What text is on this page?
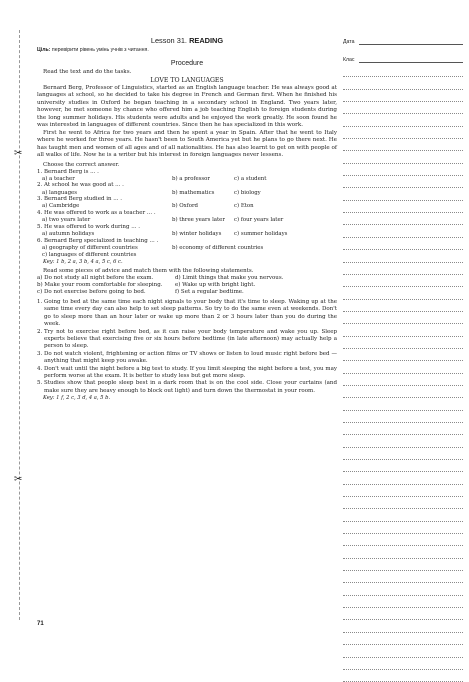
Lesson 31. READING
Ціль: перевірити рівень умінь учнів з читання.
Procedure

Read the text and do the tasks.

LOVE TO LANGUAGES

Bernard Berg, Professor of Linguistics, started as an English language teacher. He was always good at languages at school, so he decided to take his degree in French and German first. When he finished his university studies in Oxford he began teaching in a secondary school in England. Two years later, however, he met someone by chance who offered him a job teaching English to foreign students during the long summer holidays. His students were adults and he enjoyed the work greatly. He soon found he was interested in languages of different countries. Since then he has specialized in this work.

First he went to Africa for two years and then he spent a year in Spain. After that he went to Italy where he worked for three years. He hasn't been to South America yet but he plans to go there next. He has taught men and women of all ages and of all nationalities. He has also learnt to get on with people of all walks of life. Now he is a writer but his interest in foreign languages never lessens.

Choose the correct answer.
1. Bernard Berg is ... .
a) a teacher	b) a professor	c) a student
2. At school he was good at ... .
a) languages	b) mathematics	c) biology
3. Bernard Berg studied in ... .
a) Cambridge	b) Oxford	c) Eton
4. He was offered to work as a teacher ... .
a) two years later	b) three years later	c) four years later
5. He was offered to work during ... .
a) autumn holidays	b) winter holidays	c) summer holidays
6. Bernard Berg specialized in teaching ... .
a) geography of different countries	b) economy of different countries
c) languages of different countries
Key: 1 b, 2 a, 3 b, 4 a, 5 c, 6 c.
Read some pieces of advice and match them with the following statements.
a) Do not study all night before the exam.	d) Limit things that make you nervous.
b) Make your room comfortable for sleeping.	e) Wake up with bright light.
c) Do not exercise before going to bed.	f) Set a regular bedtime.
1. Going to bed at the same time each night signals to your body that it's time to sleep. Waking up at the same time every day can also help to set sleep patterns. So try to do the same even at weekends. Don't go to sleep more than an hour later or wake up more than 2 or 3 hours later than you do during the week.
2. Try not to exercise right before bed, as it can raise your body temperature and wake you up. Sleep experts believe that exercising five or six hours before bedtime (in late afternoon) may actually help a person to sleep.
3. Do not watch violent, frightening or action films or TV shows or listen to loud music right before bed — anything that might keep you awake.
4. Don't wait until the night before a big test to study. If you limit sleeping the night before a test, you may perform worse at the exam. It is better to study less but get more sleep.
5. Studies show that people sleep best in a dark room that is on the cool side. Close your curtains (and make sure they are heavy enough to block out light) and turn down the thermostat in your room.
Key: 1 f, 2 c, 3 d, 4 a, 5 b.
Дата
Клас
✂
✂
71
